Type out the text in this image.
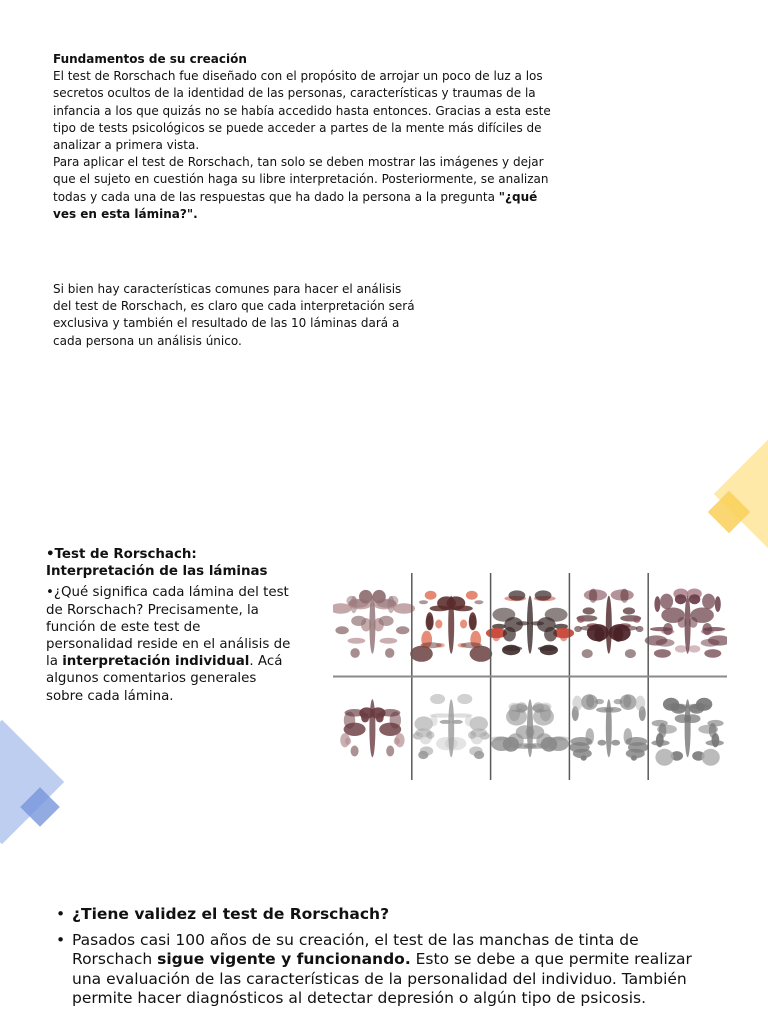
Fundamentos de su creación

El test de Rorschach fue diseñado con el propósito de arrojar un poco de luz a los secretos ocultos de la identidad de las personas, características y traumas de la infancia a los que quizás no se había accedido hasta entonces. Gracias a esta este tipo de tests psicológicos se puede acceder a partes de la mente más difíciles de analizar a primera vista.

Para aplicar el test de Rorschach, tan solo se deben mostrar las imágenes y dejar que el sujeto en cuestión haga su libre interpretación. Posteriormente, se analizan todas y cada una de las respuestas que ha dado la persona a la pregunta "¿qué ves en esta lámina?".

Si bien hay características comunes para hacer el análisis del test de Rorschach, es claro que cada interpretación será exclusiva y también el resultado de las 10 láminas dará a cada persona un análisis único.

•Test de Rorschach: Interpretación de las láminas

•¿Qué significa cada lámina del test de Rorschach? Precisamente, la función de este test de personalidad reside en el análisis de la interpretación individual. Acá algunos comentarios generales sobre cada lámina.

• ¿Tiene validez el test de Rorschach?
• Pasados casi 100 años de su creación, el test de las manchas de tinta de Rorschach sigue vigente y funcionando. Esto se debe a que permite realizar una evaluación de las características de la personalidad del individuo. También permite hacer diagnósticos al detectar depresión o algún tipo de psicosis.
